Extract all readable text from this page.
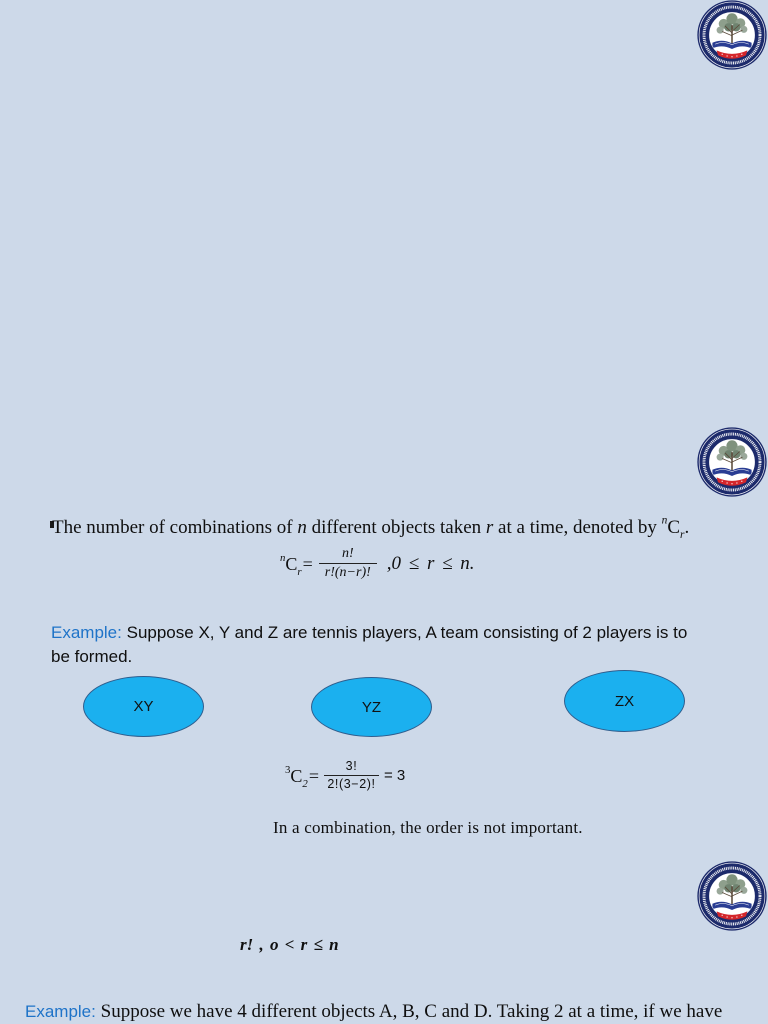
The number of combinations of n different objects taken r at a time, denoted by $^nC_r$.
$^nC_r = \frac{n!}{r!(n-r)!} ,0 \le r \le n$.
Example: Suppose X, Y and Z are tennis players, A team consisting of 2 players is to
be formed.
XY	YZ	ZX
$^3C_2 = \frac{3!}{2!(3-2)!} = 3$
In a combination, the order is not important.
r! , o < r ≤ n
Example: Suppose we have 4 different objects A, B, C and D. Taking 2 at a time, if we have
